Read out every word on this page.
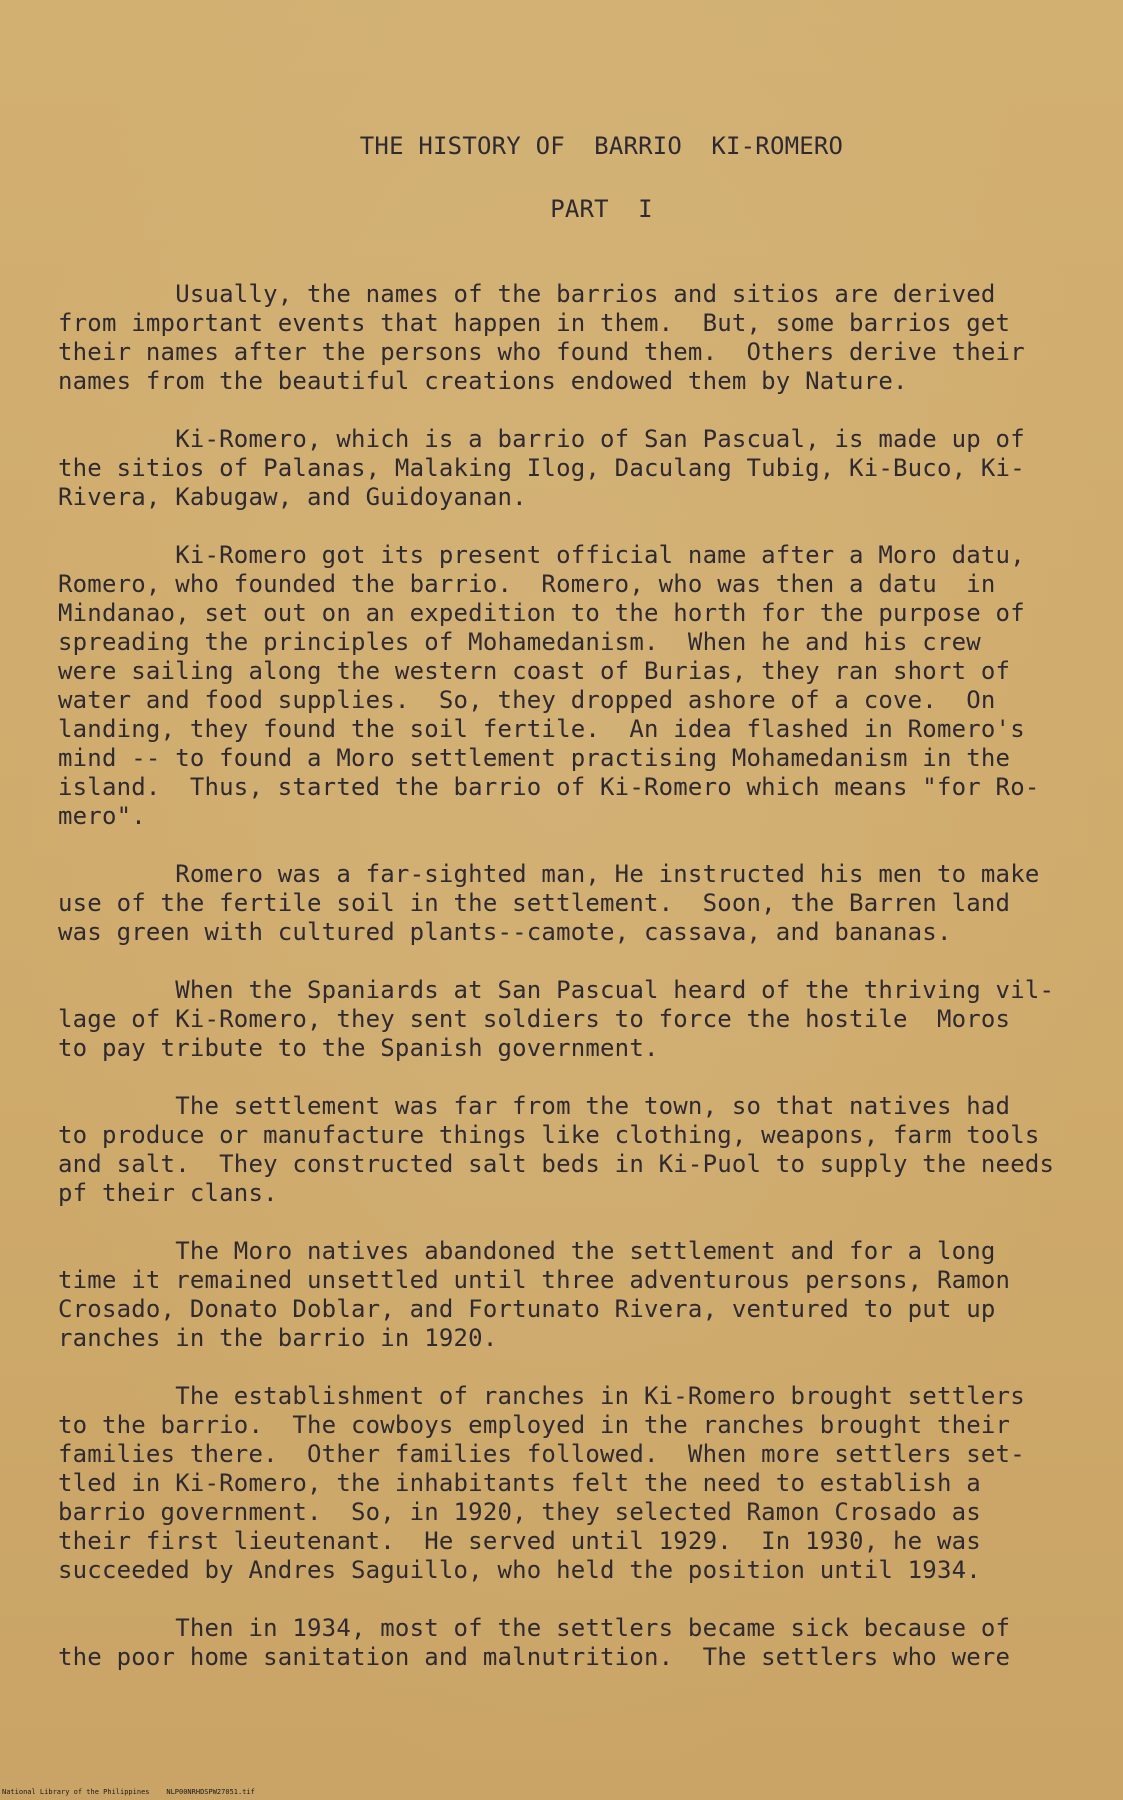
THE HISTORY OF  BARRIO  KI-ROMERO
PART  I
Usually, the names of the barrios and sitios are derived
from important events that happen in them.  But, some barrios get
their names after the persons who found them.  Others derive their
names from the beautiful creations endowed them by Nature.
Ki-Romero, which is a barrio of San Pascual, is made up of
the sitios of Palanas, Malaking Ilog, Daculang Tubig, Ki-Buco, Ki-
Rivera, Kabugaw, and Guidoyanan.
Ki-Romero got its present official name after a Moro datu,
Romero, who founded the barrio.  Romero, who was then a datu  in
Mindanao, set out on an expedition to the horth for the purpose of
spreading the principles of Mohamedanism.  When he and his crew
were sailing along the western coast of Burias, they ran short of
water and food supplies.  So, they dropped ashore of a cove.  On
landing, they found the soil fertile.  An idea flashed in Romero's
mind -- to found a Moro settlement practising Mohamedanism in the
island.  Thus, started the barrio of Ki-Romero which means "for Ro-
mero".
Romero was a far-sighted man, He instructed his men to make
use of the fertile soil in the settlement.  Soon, the Barren land
was green with cultured plants--camote, cassava, and bananas.
When the Spaniards at San Pascual heard of the thriving vil-
lage of Ki-Romero, they sent soldiers to force the hostile  Moros
to pay tribute to the Spanish government.
The settlement was far from the town, so that natives had
to produce or manufacture things like clothing, weapons, farm tools
and salt.  They constructed salt beds in Ki-Puol to supply the needs
pf their clans.
The Moro natives abandoned the settlement and for a long
time it remained unsettled until three adventurous persons, Ramon
Crosado, Donato Doblar, and Fortunato Rivera, ventured to put up
ranches in the barrio in 1920.
The establishment of ranches in Ki-Romero brought settlers
to the barrio.  The cowboys employed in the ranches brought their
families there.  Other families followed.  When more settlers set-
tled in Ki-Romero, the inhabitants felt the need to establish a
barrio government.  So, in 1920, they selected Ramon Crosado as
their first lieutenant.  He served until 1929.  In 1930, he was
succeeded by Andres Saguillo, who held the position until 1934.
Then in 1934, most of the settlers became sick because of
the poor home sanitation and malnutrition.  The settlers who were
National Library of the Philippines    NLP00NRHDSPW27051.tif
